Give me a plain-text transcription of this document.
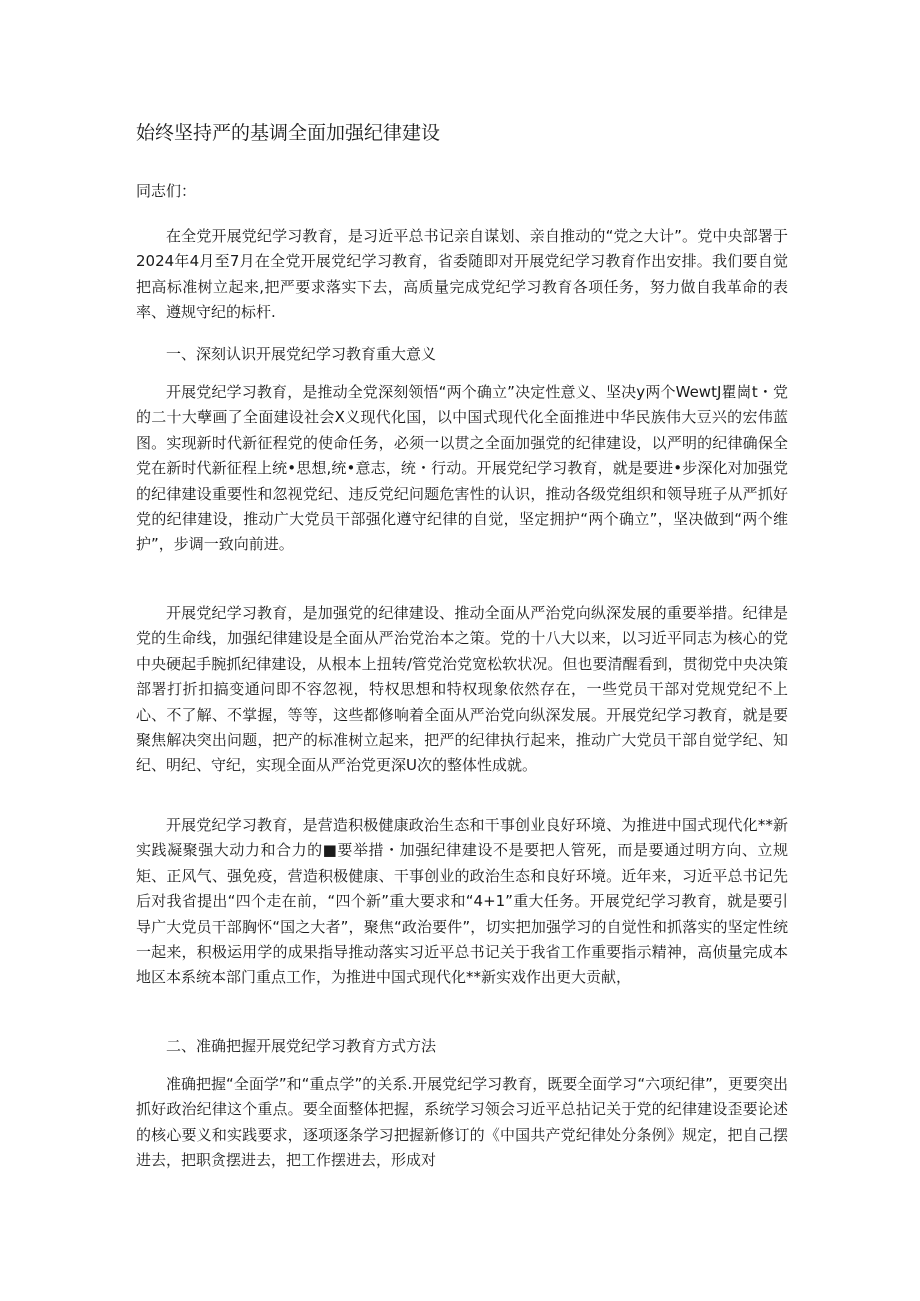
始终坚持严的基调全面加强纪律建设
同志们：

在全党开展党纪学习教育，是习近平总书记亲自谋划、亲自推动的“党之大计”。党中央部署于2024年4月至7月在全党开展党纪学习教育，省委随即对开展党纪学习教育作出安排。我们要自觉把高标准树立起来,把严要求落实下去，高质量完成党纪学习教育各项任务，努力做自我革命的表率、遵规守纪的标杆.

一、深刻认识开展党纪学习教育重大意义

开展党纪学习教育，是推动全党深刻领悟“两个确立”决定性意义、坚决y两个WewtJ瞿崗t・党的二十大孽画了全面建设社会X义现代化国，以中国式现代化全面推进中华民族伟大豆兴的宏伟蓝图。实现新时代新征程党的使命任务，必须一以贯之全面加强党的纪律建设，以严明的纪律确保全党在新时代新征程上统•思想,统•意志，统・行动。开展党纪学习教育，就是要进•步深化对加强党的纪律建设重要性和忽视党纪、违反党纪问题危害性的认识，推动各级党组织和领导班子从严抓好党的纪律建设，推动广大党员干部强化遵守纪律的自觉，坚定拥护“两个确立”，坚决做到“两个维护”，步调一致向前进。

开展党纪学习教育，是加强党的纪律建设、推动全面从严治党向纵深发展的重要举措。纪律是党的生命线，加强纪律建设是全面从严治党治本之策。党的十八大以来，以习近平同志为核心的党中央硬起手腕抓纪律建设，从根本上扭转/管党治党宽松软状况。但也要清醒看到，贯彻党中央决策部署打折扣搞变通问即不容忽视，特权思想和特权现象依然存在，一些党员干部对党规党纪不上心、不了解、不掌握，等等，这些都修响着全面从严治党向纵深发展。开展党纪学习教育，就是要聚焦解决突出问题，把产的标准树立起来，把严的纪律执行起来，推动广大党员干部自觉学纪、知纪、明纪、守纪，实现全面从严治党更深U次的整体性成就。

开展党纪学习教育，是营造积极健康政治生态和干事创业良好环境、为推进中国式现代化**新实践凝聚强大动力和合力的■要举措・加强纪律建设不是要把人管死，而是要通过明方向、立规矩、正风气、强免疫，营造积极健康、干事创业的政治生态和良好环境。近年来，习近平总书记先后对我省提出“四个走在前，“四个新”重大要求和“4+1”重大任务。开展党纪学习教育，就是要引导广大党员干部胸怀“国之大者”，聚焦“政治要件”，切实把加强学习的自觉性和抓落实的坚定性统一起来，积极运用学的成果指导推动落实习近平总书记关于我省工作重要指示精神，高侦量完成本地区本系统本部门重点工作，为推进中国式现代化**新实戏作出更大贡献，

二、准确把握开展党纪学习教育方式方法

准确把握“全面学”和“重点学”的关系.开展党纪学习教育，既要全面学习“六项纪律”，更要突出抓好政治纪律这个重点。要全面整体把握，系统学习领会习近平总拈记关于党的纪律建设歪要论述的核心要义和实践要求，逐项逐条学习把握新修订的《中国共产党纪律处分条例》规定，把自己摆进去，把职贪摆进去，把工作摆进去，形成对
